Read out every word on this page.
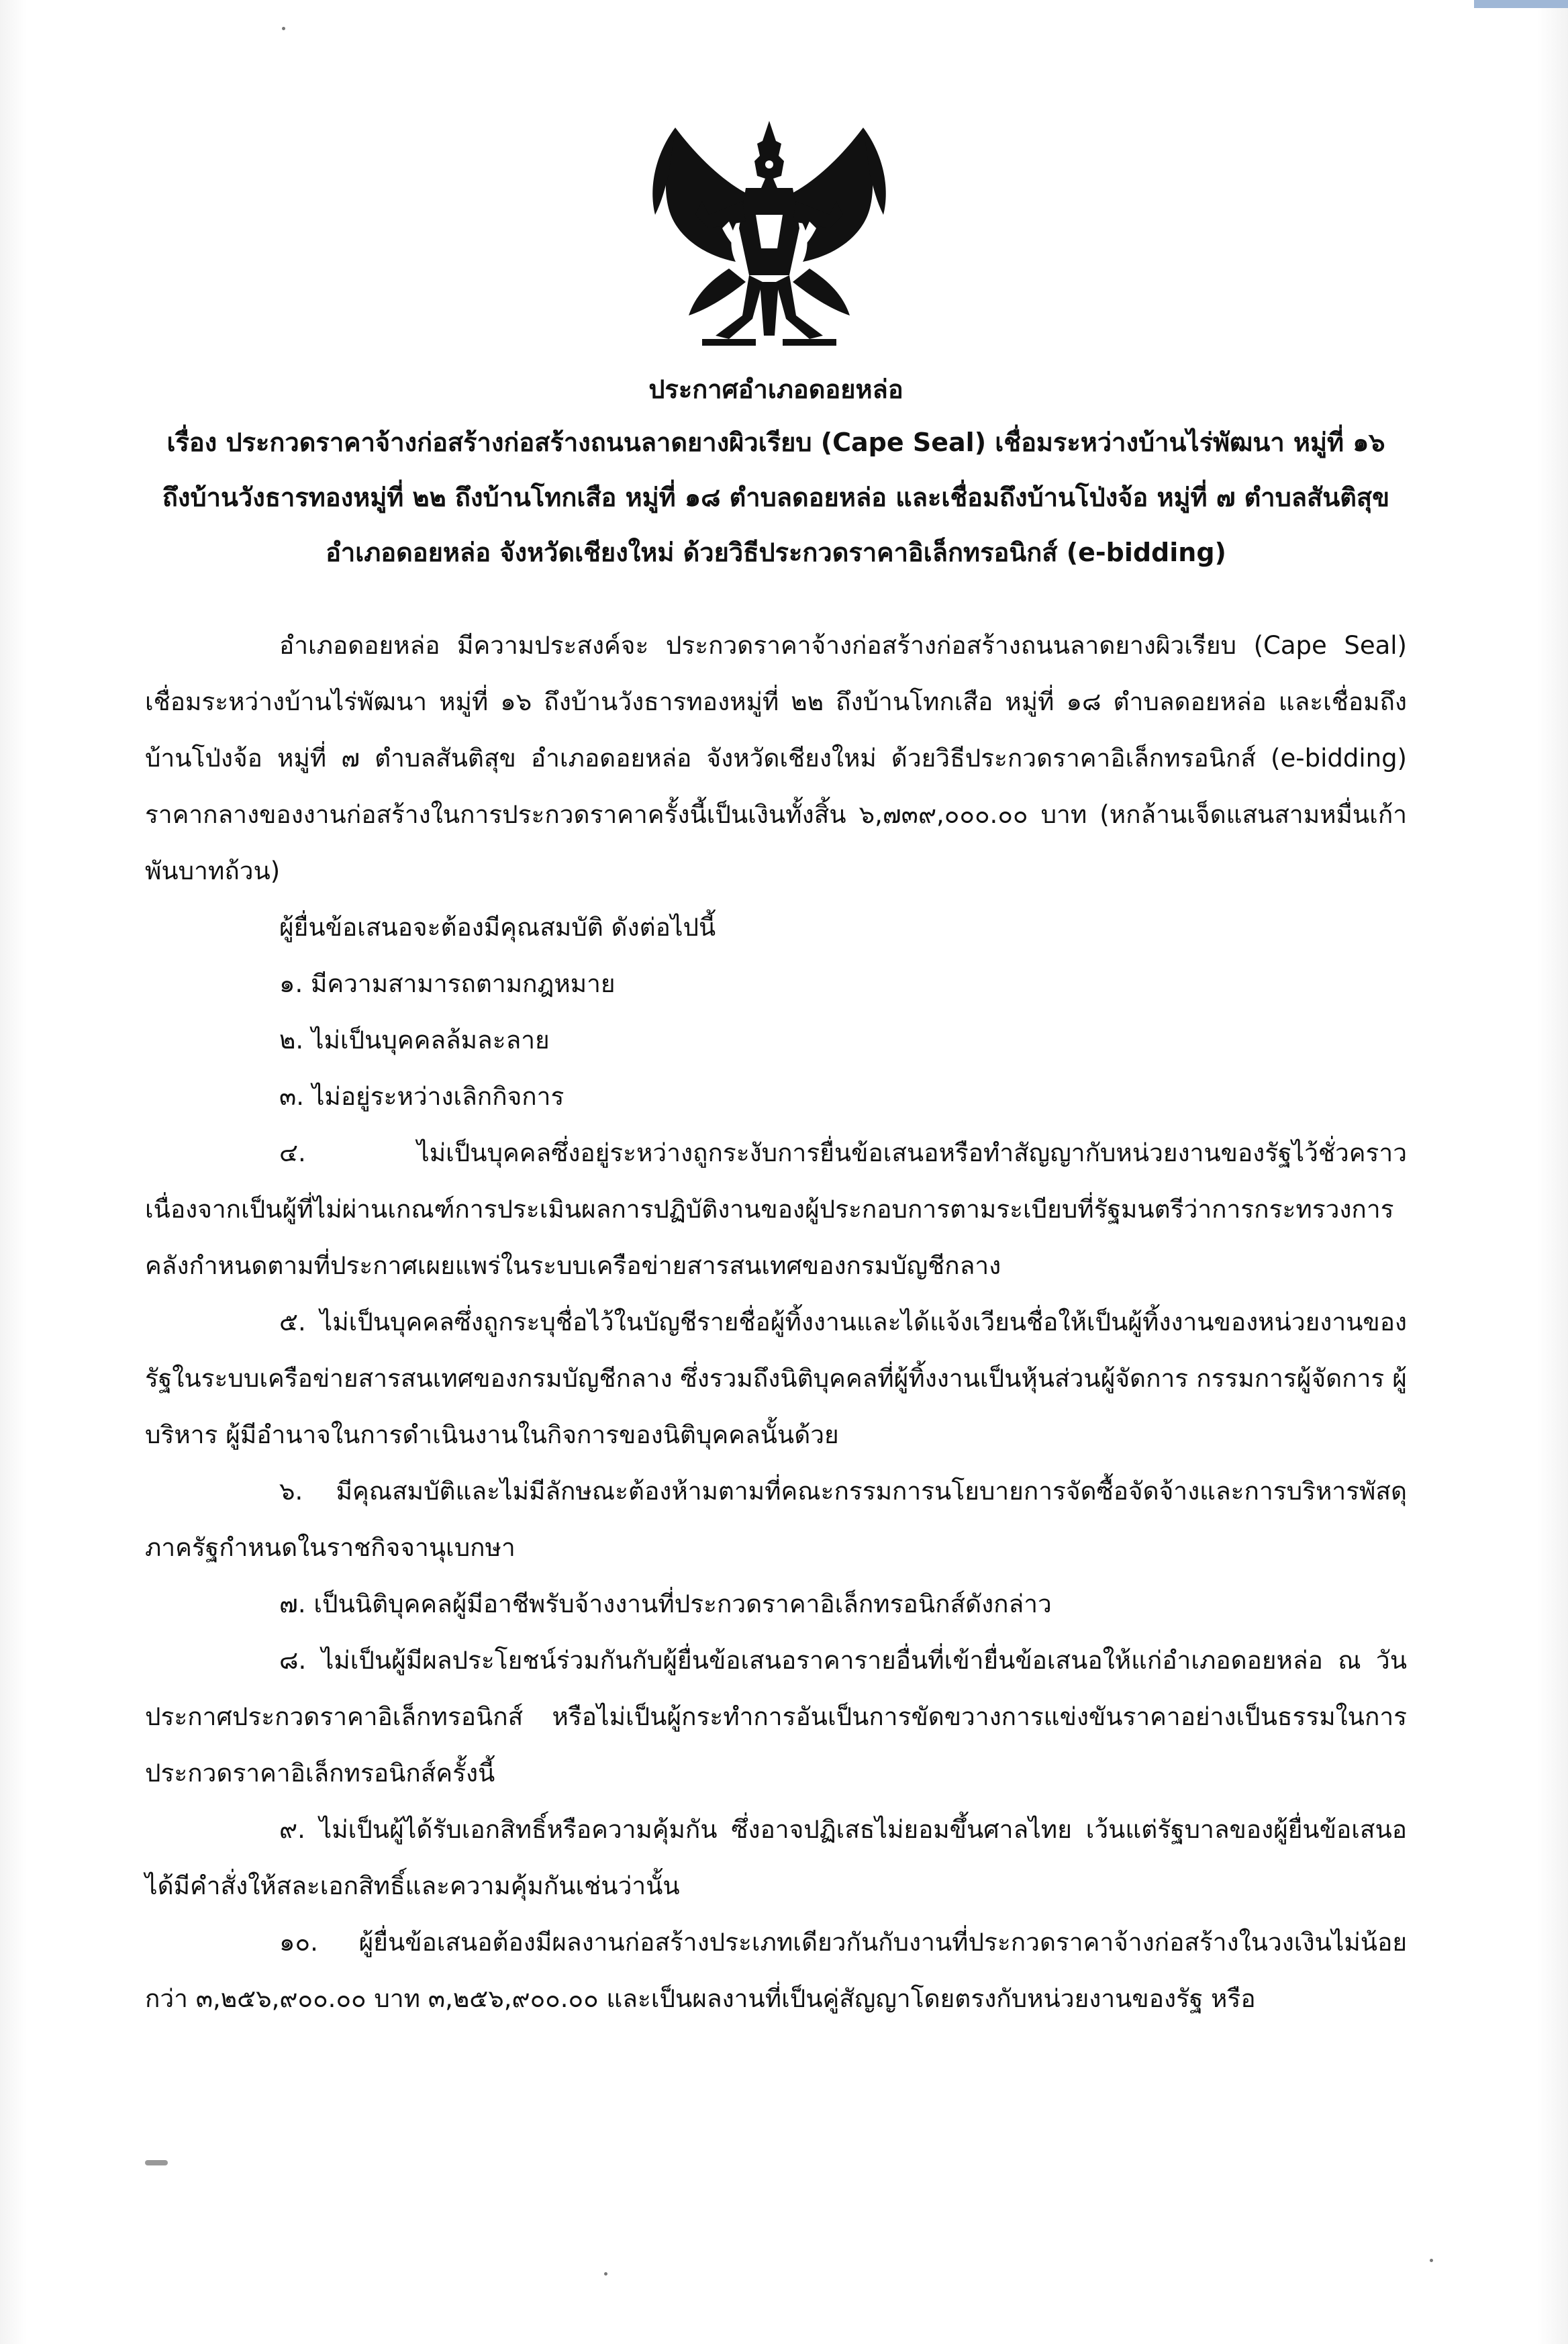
ประกาศอำเภอดอยหล่อ
เรื่อง ประกวดราคาจ้างก่อสร้างก่อสร้างถนนลาดยางผิวเรียบ (Cape Seal) เชื่อมระหว่างบ้านไร่พัฒนา หมู่ที่ ๑๖ ถึงบ้านวังธารทองหมู่ที่ ๒๒ ถึงบ้านโทกเสือ หมู่ที่ ๑๘ ตำบลดอยหล่อ และเชื่อมถึงบ้านโป่งจ้อ หมู่ที่ ๗ ตำบลสันติสุข อำเภอดอยหล่อ จังหวัดเชียงใหม่ ด้วยวิธีประกวดราคาอิเล็กทรอนิกส์ (e-bidding)

อำเภอดอยหล่อ มีความประสงค์จะ ประกวดราคาจ้างก่อสร้างก่อสร้างถนนลาดยางผิวเรียบ (Cape Seal) เชื่อมระหว่างบ้านไร่พัฒนา หมู่ที่ ๑๖ ถึงบ้านวังธารทองหมู่ที่ ๒๒ ถึงบ้านโทกเสือ หมู่ที่ ๑๘ ตำบลดอยหล่อ และเชื่อมถึงบ้านโป่งจ้อ หมู่ที่ ๗ ตำบลสันติสุข อำเภอดอยหล่อ จังหวัดเชียงใหม่ ด้วยวิธีประกวดราคาอิเล็กทรอนิกส์ (e-bidding) ราคากลางของงานก่อสร้างในการประกวดราคาครั้งนี้เป็นเงินทั้งสิ้น ๖,๗๓๙,๐๐๐.๐๐ บาท (หกล้านเจ็ดแสนสามหมื่นเก้าพันบาทถ้วน)

ผู้ยื่นข้อเสนอจะต้องมีคุณสมบัติ ดังต่อไปนี้

๑. มีความสามารถตามกฎหมาย

๒. ไม่เป็นบุคคลล้มละลาย

๓. ไม่อยู่ระหว่างเลิกกิจการ

๔. ไม่เป็นบุคคลซึ่งอยู่ระหว่างถูกระงับการยื่นข้อเสนอหรือทำสัญญากับหน่วยงานของรัฐไว้ชั่วคราว เนื่องจากเป็นผู้ที่ไม่ผ่านเกณฑ์การประเมินผลการปฏิบัติงานของผู้ประกอบการตามระเบียบที่รัฐมนตรีว่าการกระทรวงการคลังกำหนดตามที่ประกาศเผยแพร่ในระบบเครือข่ายสารสนเทศของกรมบัญชีกลาง

๕. ไม่เป็นบุคคลซึ่งถูกระบุชื่อไว้ในบัญชีรายชื่อผู้ทิ้งงานและได้แจ้งเวียนชื่อให้เป็นผู้ทิ้งงานของหน่วยงานของรัฐในระบบเครือข่ายสารสนเทศของกรมบัญชีกลาง ซึ่งรวมถึงนิติบุคคลที่ผู้ทิ้งงานเป็นหุ้นส่วนผู้จัดการ กรรมการผู้จัดการ ผู้บริหาร ผู้มีอำนาจในการดำเนินงานในกิจการของนิติบุคคลนั้นด้วย

๖. มีคุณสมบัติและไม่มีลักษณะต้องห้ามตามที่คณะกรรมการนโยบายการจัดซื้อจัดจ้างและการบริหารพัสดุภาครัฐกำหนดในราชกิจจานุเบกษา

๗. เป็นนิติบุคคลผู้มีอาชีพรับจ้างงานที่ประกวดราคาอิเล็กทรอนิกส์ดังกล่าว

๘. ไม่เป็นผู้มีผลประโยชน์ร่วมกันกับผู้ยื่นข้อเสนอราคารายอื่นที่เข้ายื่นข้อเสนอให้แก่อำเภอดอยหล่อ ณ วันประกาศประกวดราคาอิเล็กทรอนิกส์ หรือไม่เป็นผู้กระทำการอันเป็นการขัดขวางการแข่งขันราคาอย่างเป็นธรรมในการประกวดราคาอิเล็กทรอนิกส์ครั้งนี้

๙. ไม่เป็นผู้ได้รับเอกสิทธิ์หรือความคุ้มกัน ซึ่งอาจปฏิเสธไม่ยอมขึ้นศาลไทย เว้นแต่รัฐบาลของผู้ยื่นข้อเสนอได้มีคำสั่งให้สละเอกสิทธิ์และความคุ้มกันเช่นว่านั้น

๑๐. ผู้ยื่นข้อเสนอต้องมีผลงานก่อสร้างประเภทเดียวกันกับงานที่ประกวดราคาจ้างก่อสร้างในวงเงินไม่น้อยกว่า ๓,๒๕๖,๙๐๐.๐๐ บาท ๓,๒๕๖,๙๐๐.๐๐ และเป็นผลงานที่เป็นคู่สัญญาโดยตรงกับหน่วยงานของรัฐ หรือ
